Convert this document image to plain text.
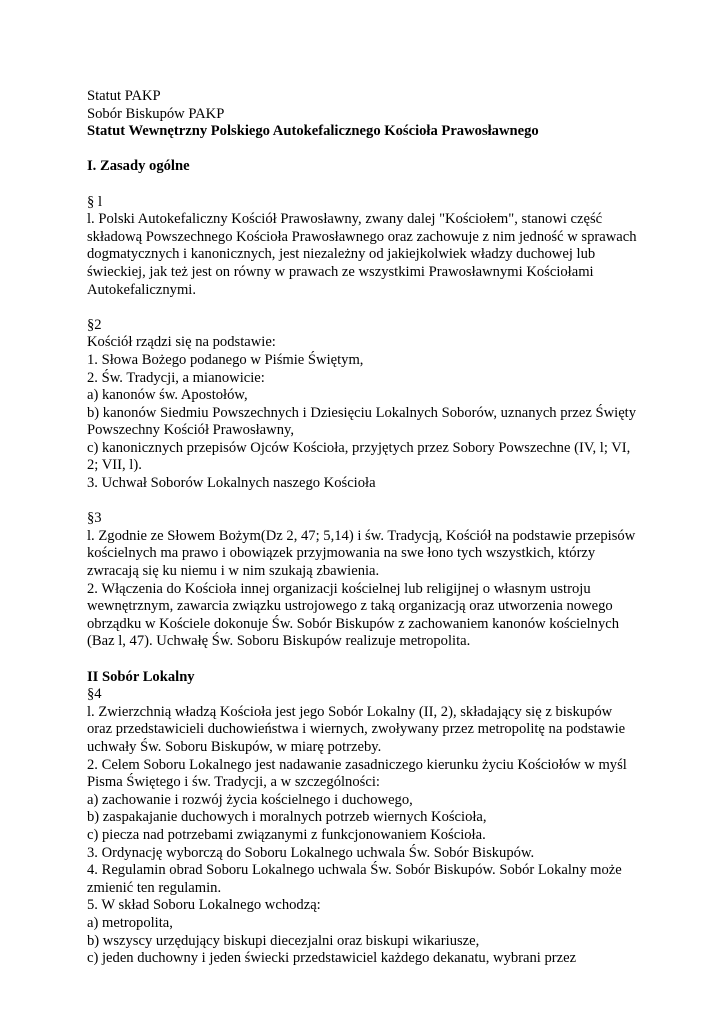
Statut PAKP
Sobór Biskupów PAKP
Statut Wewnętrzny Polskiego Autokefalicznego Kościoła Prawosławnego
I. Zasady ogólne
§ l
l. Polski Autokefaliczny Kościół Prawosławny, zwany dalej "Kościołem", stanowi część
składową Powszechnego Kościoła Prawosławnego oraz zachowuje z nim jedność w sprawach
dogmatycznych i kanonicznych, jest niezależny od jakiejkolwiek władzy duchowej lub
świeckiej, jak też jest on równy w prawach ze wszystkimi Prawosławnymi Kościołami
Autokefalicznymi.
§2
Kościół rządzi się na podstawie:
1. Słowa Bożego podanego w Piśmie Świętym,
2. Św. Tradycji, a mianowicie:
a) kanonów św. Apostołów,
b) kanonów Siedmiu Powszechnych i Dziesięciu Lokalnych Soborów, uznanych przez Święty
Powszechny Kościół Prawosławny,
c) kanonicznych przepisów Ojców Kościoła, przyjętych przez Sobory Powszechne (IV, l; VI,
2; VII, l).
3. Uchwał Soborów Lokalnych naszego Kościoła
§3
l. Zgodnie ze Słowem Bożym(Dz 2, 47; 5,14) i św. Tradycją, Kościół na podstawie przepisów
kościelnych ma prawo i obowiązek przyjmowania na swe łono tych wszystkich, którzy
zwracają się ku niemu i w nim szukają zbawienia.
2. Włączenia do Kościoła innej organizacji kościelnej lub religijnej o własnym ustroju
wewnętrznym, zawarcia związku ustrojowego z taką organizacją oraz utworzenia nowego
obrządku w Kościele dokonuje Św. Sobór Biskupów z zachowaniem kanonów kościelnych
(Baz l, 47). Uchwałę Św. Soboru Biskupów realizuje metropolita.
II Sobór Lokalny
§4
l. Zwierzchnią władzą Kościoła jest jego Sobór Lokalny (II, 2), składający się z biskupów
oraz przedstawicieli duchowieństwa i wiernych, zwoływany przez metropolitę na podstawie
uchwały Św. Soboru Biskupów, w miarę potrzeby.
2. Celem Soboru Lokalnego jest nadawanie zasadniczego kierunku życiu Kościołów w myśl
Pisma Świętego i św. Tradycji, a w szczególności:
a) zachowanie i rozwój życia kościelnego i duchowego,
b) zaspakajanie duchowych i moralnych potrzeb wiernych Kościoła,
c) piecza nad potrzebami związanymi z funkcjonowaniem Kościoła.
3. Ordynację wyborczą do Soboru Lokalnego uchwala Św. Sobór Biskupów.
4. Regulamin obrad Soboru Lokalnego uchwala Św. Sobór Biskupów. Sobór Lokalny może
zmienić ten regulamin.
5. W skład Soboru Lokalnego wchodzą:
a) metropolita,
b) wszyscy urzędujący biskupi diecezjalni oraz biskupi wikariusze,
c) jeden duchowny i jeden świecki przedstawiciel każdego dekanatu, wybrani przez
